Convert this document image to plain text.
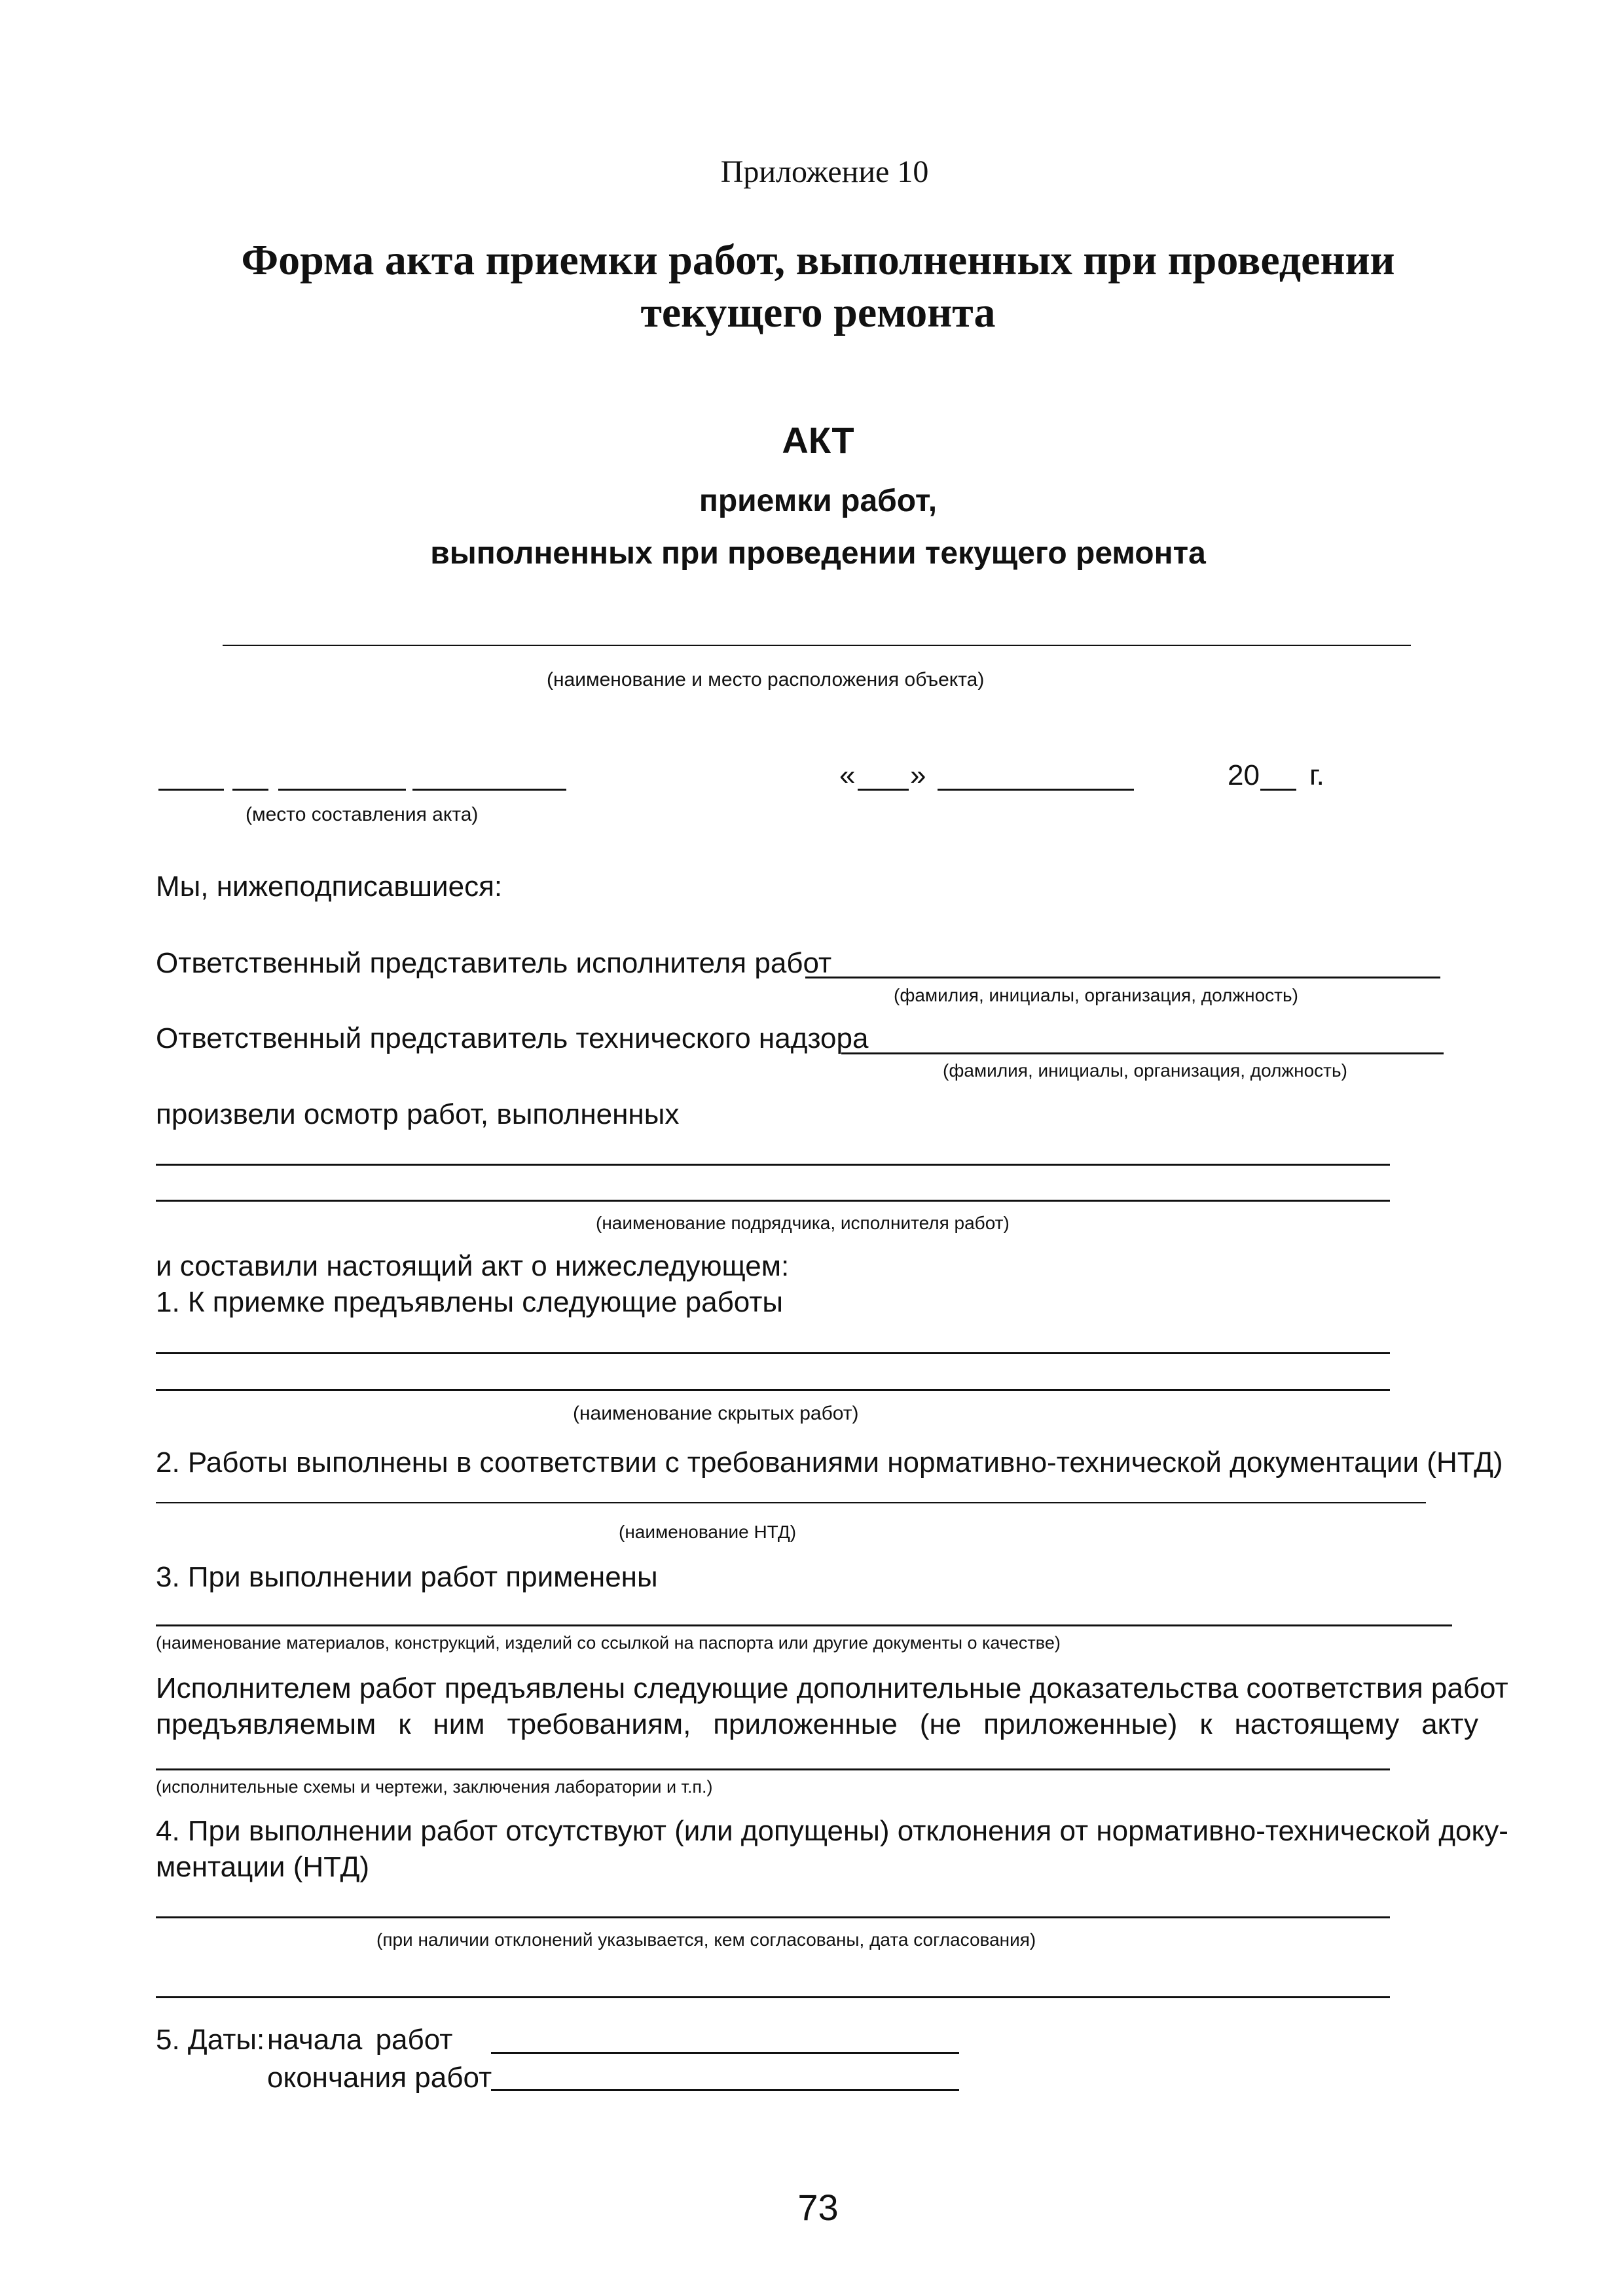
Приложение 10
Форма акта приемки работ, выполненных при проведении
текущего ремонта
АКТ
приемки работ,
выполненных при проведении текущего ремонта
(наименование и место расположения объекта)
(место составления акта)
« »	20 г.
Мы, нижеподписавшиеся:
Ответственный представитель исполнителя работ
(фамилия, инициалы, организация, должность)
Ответственный представитель технического надзора
(фамилия, инициалы, организация, должность)
произвели осмотр работ, выполненных
(наименование подрядчика, исполнителя работ)
и составили настоящий акт о нижеследующем:
1. К приемке предъявлены следующие работы
(наименование скрытых работ)
2. Работы выполнены в соответствии с требованиями нормативно-технической документации (НТД)
(наименование НТД)
3. При выполнении работ применены
(наименование материалов, конструкций, изделий со ссылкой на паспорта или другие документы о качестве)
Исполнителем работ предъявлены следующие дополнительные доказательства соответствия работ
предъявляемым к ним требованиям, приложенные (не приложенные) к настоящему акту
(исполнительные схемы и чертежи, заключения лаборатории и т.п.)
4. При выполнении работ отсутствуют (или допущены) отклонения от нормативно-технической доку-
ментации (НТД)
(при наличии отклонений указывается, кем согласованы, дата согласования)
5. Даты: начала работ
окончания работ
73
